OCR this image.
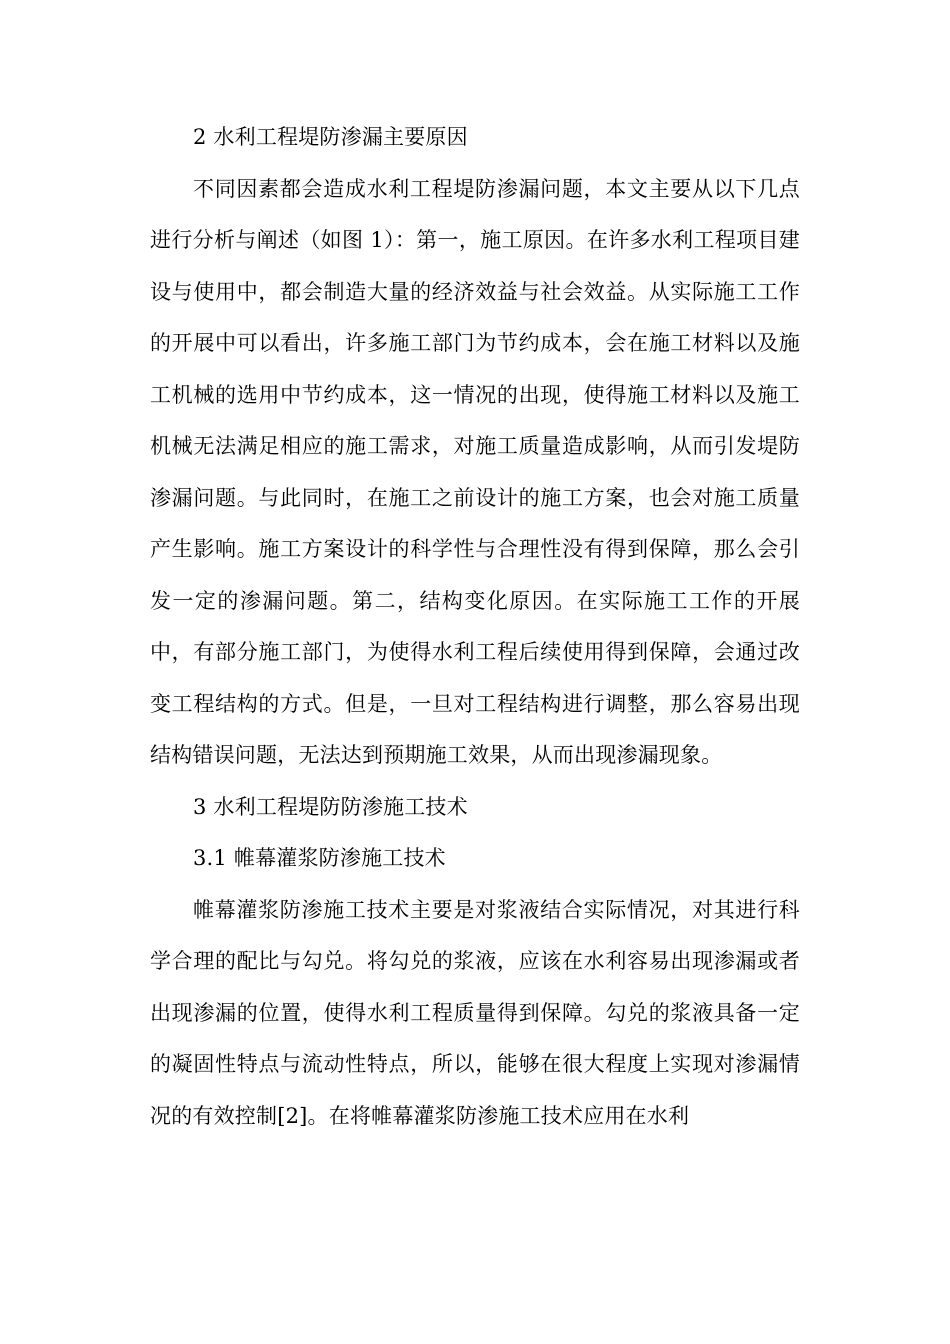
2 水利工程堤防渗漏主要原因

不同因素都会造成水利工程堤防渗漏问题，本文主要从以下几点进行分析与阐述（如图 1）：第一，施工原因。在许多水利工程项目建设与使用中，都会制造大量的经济效益与社会效益。从实际施工工作的开展中可以看出，许多施工部门为节约成本，会在施工材料以及施工机械的选用中节约成本，这一情况的出现，使得施工材料以及施工机械无法满足相应的施工需求，对施工质量造成影响，从而引发堤防渗漏问题。与此同时，在施工之前设计的施工方案，也会对施工质量产生影响。施工方案设计的科学性与合理性没有得到保障，那么会引发一定的渗漏问题。第二，结构变化原因。在实际施工工作的开展中，有部分施工部门，为使得水利工程后续使用得到保障，会通过改变工程结构的方式。但是，一旦对工程结构进行调整，那么容易出现结构错误问题，无法达到预期施工效果，从而出现渗漏现象。

3 水利工程堤防防渗施工技术

3.1 帷幕灌浆防渗施工技术

帷幕灌浆防渗施工技术主要是对浆液结合实际情况，对其进行科学合理的配比与勾兑。将勾兑的浆液，应该在水利容易出现渗漏或者出现渗漏的位置，使得水利工程质量得到保障。勾兑的浆液具备一定的凝固性特点与流动性特点，所以，能够在很大程度上实现对渗漏情况的有效控制[2]。在将帷幕灌浆防渗施工技术应用在水利
